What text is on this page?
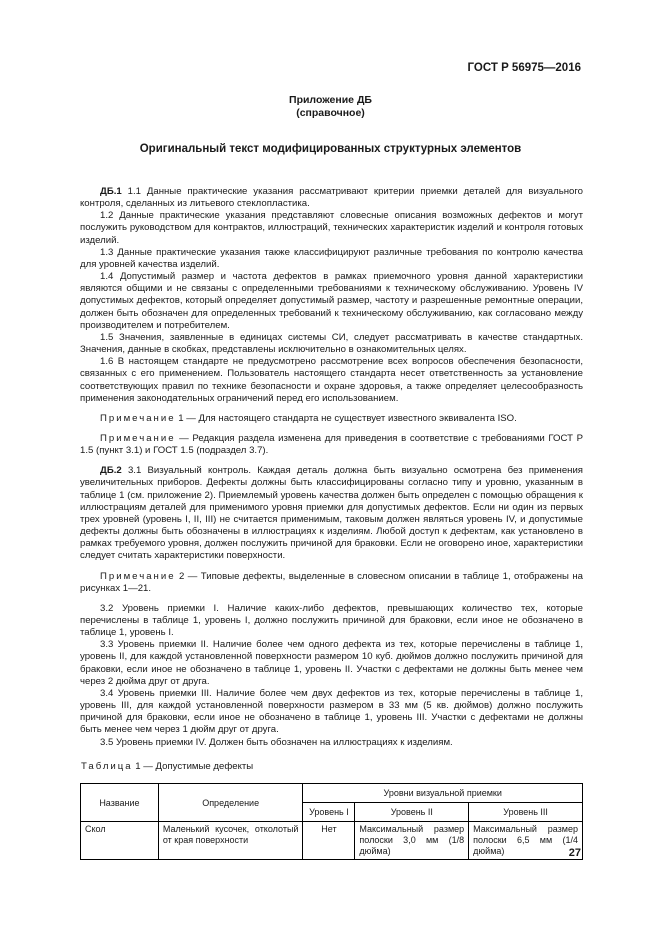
ГОСТ Р 56975—2016
Приложение ДБ
(справочное)
Оригинальный текст модифицированных структурных элементов

ДБ.1 1.1 Данные практические указания рассматривают критерии приемки деталей для визуального контроля, сделанных из литьевого стеклопластика.

1.2 Данные практические указания представляют словесные описания возможных дефектов и могут послужить руководством для контрактов, иллюстраций, технических характеристик изделий и контроля готовых изделий.

1.3 Данные практические указания также классифицируют различные требования по контролю качества для уровней качества изделий.

1.4 Допустимый размер и частота дефектов в рамках приемочного уровня данной характеристики являются общими и не связаны с определенными требованиями к техническому обслуживанию. Уровень IV допустимых дефектов, который определяет допустимый размер, частоту и разрешенные ремонтные операции, должен быть обозначен для определенных требований к техническому обслуживанию, как согласовано между производителем и потребителем.

1.5 Значения, заявленные в единицах системы СИ, следует рассматривать в качестве стандартных. Значения, данные в скобках, представлены исключительно в ознакомительных целях.

1.6 В настоящем стандарте не предусмотрено рассмотрение всех вопросов обеспечения безопасности, связанных с его применением. Пользователь настоящего стандарта несет ответственность за установление соответствующих правил по технике безопасности и охране здоровья, а также определяет целесообразность применения законодательных ограничений перед его использованием.

Примечание 1 — Для настоящего стандарта не существует известного эквивалента ISO.

Примечание — Редакция раздела изменена для приведения в соответствие с требованиями ГОСТ Р 1.5 (пункт 3.1) и ГОСТ 1.5 (подраздел 3.7).

ДБ.2 3.1 Визуальный контроль. Каждая деталь должна быть визуально осмотрена без применения увеличительных приборов. Дефекты должны быть классифицированы согласно типу и уровню, указанным в таблице 1 (см. приложение 2). Приемлемый уровень качества должен быть определен с помощью обращения к иллюстрациям деталей для применимого уровня приемки для допустимых дефектов. Если ни один из первых трех уровней (уровень I, II, III) не считается применимым, таковым должен являться уровень IV, и допустимые дефекты должны быть обозначены в иллюстрациях к изделиям. Любой доступ к дефектам, как установлено в рамках требуемого уровня, должен послужить причиной для браковки. Если не оговорено иное, характеристики следует считать характеристики поверхности.

Примечание 2 — Типовые дефекты, выделенные в словесном описании в таблице 1, отображены на рисунках 1—21.

3.2 Уровень приемки I. Наличие каких-либо дефектов, превышающих количество тех, которые перечислены в таблице 1, уровень I, должно послужить причиной для браковки, если иное не обозначено в таблице 1, уровень I.

3.3 Уровень приемки II. Наличие более чем одного дефекта из тех, которые перечислены в таблице 1, уровень II, для каждой установленной поверхности размером 10 куб. дюймов должно послужить причиной для браковки, если иное не обозначено в таблице 1, уровень II. Участки с дефектами не должны быть менее чем через 2 дюйма друг от друга.

3.4 Уровень приемки III. Наличие более чем двух дефектов из тех, которые перечислены в таблице 1, уровень III, для каждой установленной поверхности размером в 33 мм (5 кв. дюймов) должно послужить причиной для браковки, если иное не обозначено в таблице 1, уровень III. Участки с дефектами не должны быть менее чем через 1 дюйм друг от друга.

3.5 Уровень приемки IV. Должен быть обозначен на иллюстрациях к изделиям.

Таблица 1 — Допустимые дефекты
Название	Определение	Уровни визуальной приемки		
		Уровень I	Уровень II	Уровень III
Скол	Маленький кусочек, отколотый от края поверхности	Нет	Максимальный размер полоски 3,0 мм (1/8 дюйма)	Максимальный размер полоски 6,5 мм (1/4 дюйма)	27
